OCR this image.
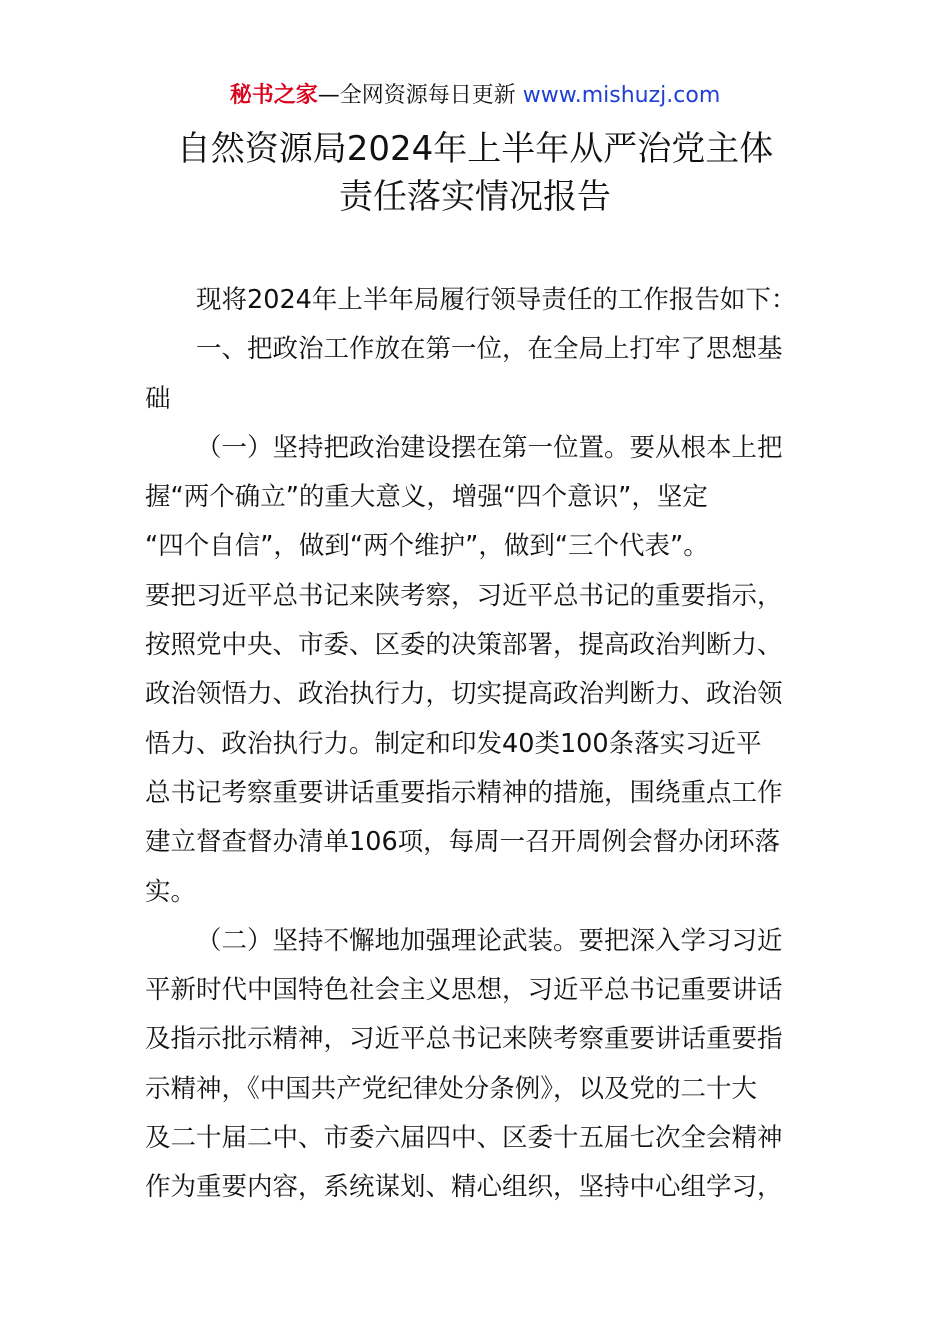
秘书之家—全网资源每日更新 www.mishuzj.com
自然资源局2024年上半年从严治党主体
责任落实情况报告
现将2024年上半年局履行领导责任的工作报告如下：
一、把政治工作放在第一位，在全局上打牢了思想基
础
（一）坚持把政治建设摆在第一位置。要从根本上把
握“两个确立”的重大意义，增强“四个意识”，坚定
“四个自信”，做到“两个维护”，做到“三个代表”。
要把习近平总书记来陕考察，习近平总书记的重要指示，
按照党中央、市委、区委的决策部署，提高政治判断力、
政治领悟力、政治执行力，切实提高政治判断力、政治领
悟力、政治执行力。制定和印发40类100条落实习近平
总书记考察重要讲话重要指示精神的措施，围绕重点工作
建立督查督办清单106项，每周一召开周例会督办闭环落
实。
（二）坚持不懈地加强理论武装。要把深入学习习近
平新时代中国特色社会主义思想，习近平总书记重要讲话
及指示批示精神，习近平总书记来陕考察重要讲话重要指
示精神，《中国共产党纪律处分条例》，以及党的二十大
及二十届二中、市委六届四中、区委十五届七次全会精神
作为重要内容，系统谋划、精心组织，坚持中心组学习，
